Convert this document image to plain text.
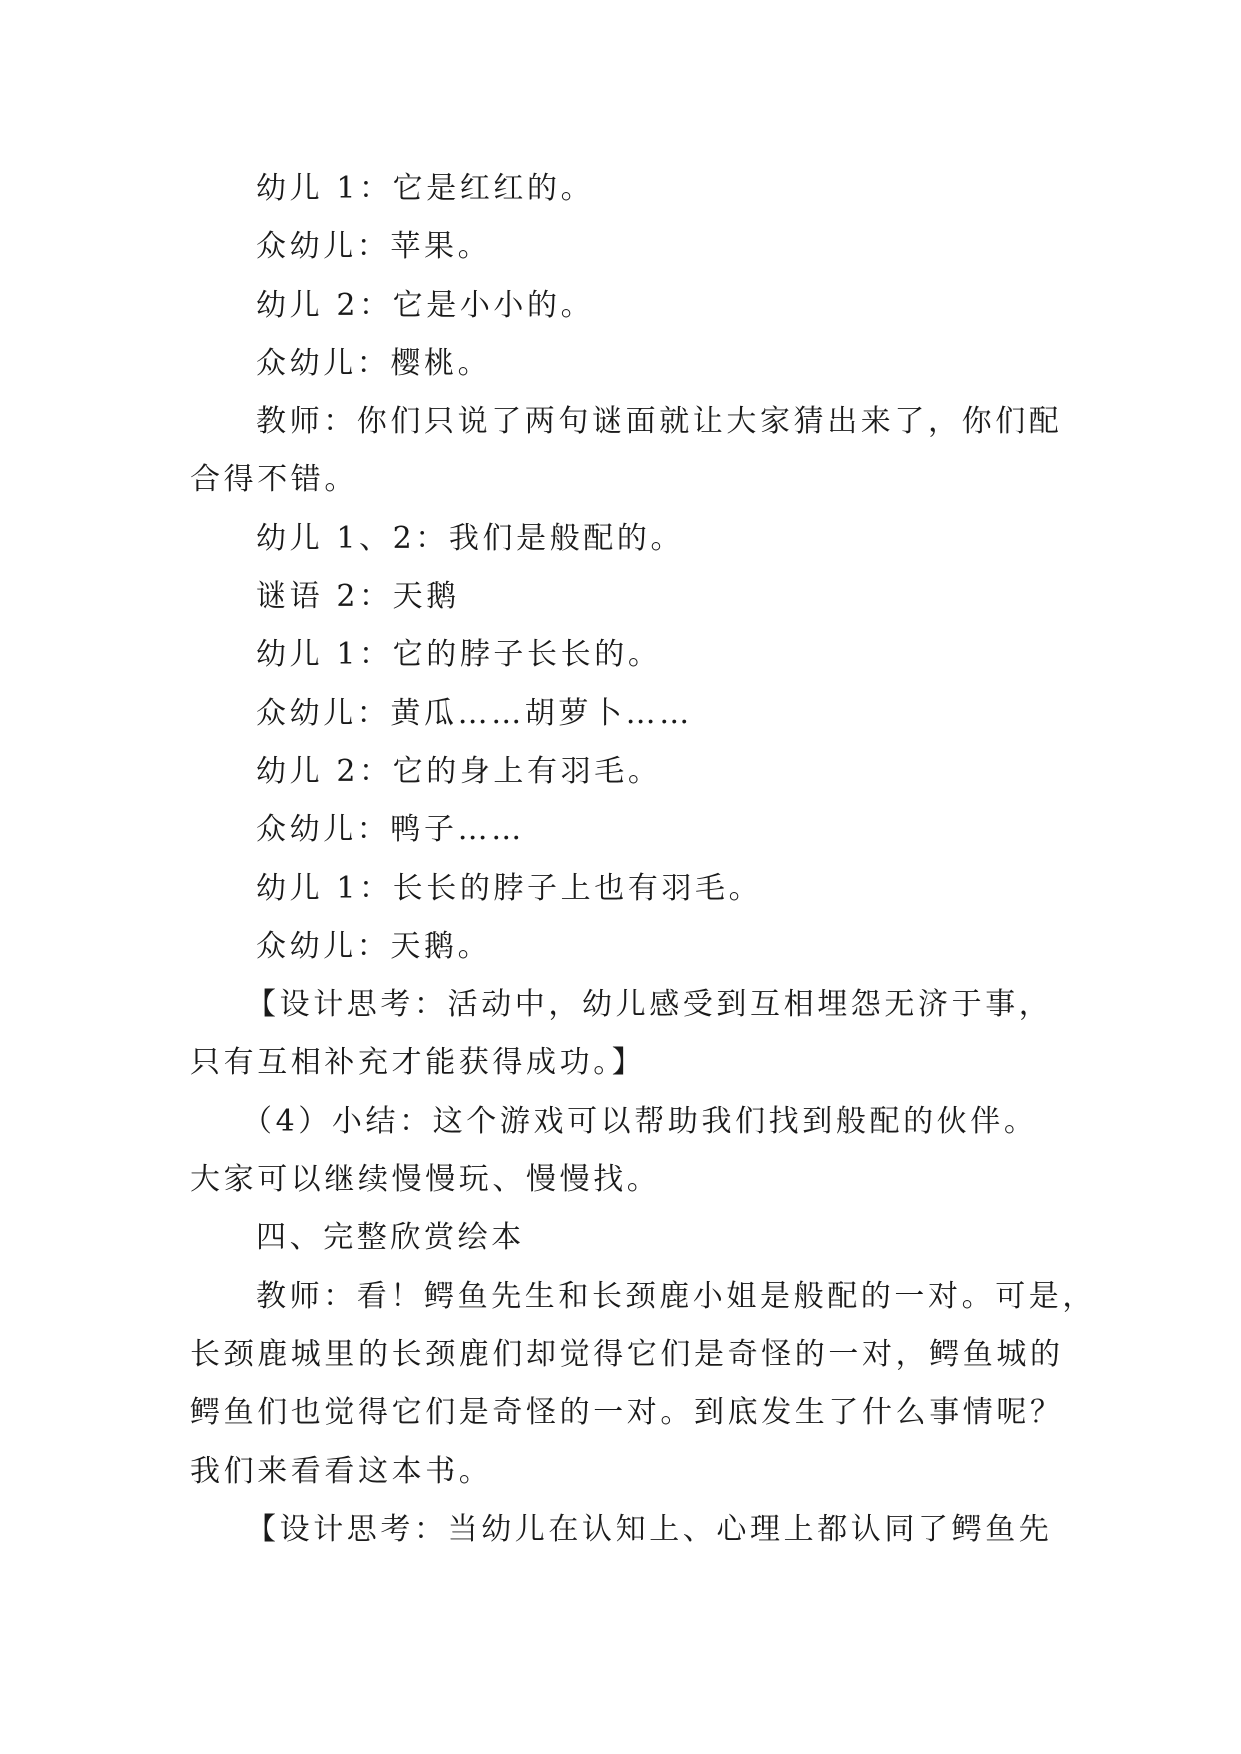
幼儿 1：它是红红的。
众幼儿：苹果。
幼儿 2：它是小小的。
众幼儿：樱桃。
教师：你们只说了两句谜面就让大家猜出来了，你们配
合得不错。
幼儿 1、2：我们是般配的。
谜语 2：天鹅
幼儿 1：它的脖子长长的。
众幼儿：黄瓜……胡萝卜……
幼儿 2：它的身上有羽毛。
众幼儿：鸭子……
幼儿 1：长长的脖子上也有羽毛。
众幼儿：天鹅。
【设计思考：活动中，幼儿感受到互相埋怨无济于事，
只有互相补充才能获得成功。】
（4）小结：这个游戏可以帮助我们找到般配的伙伴。
大家可以继续慢慢玩、慢慢找。
四、完整欣赏绘本
教师：看！鳄鱼先生和长颈鹿小姐是般配的一对。可是，
长颈鹿城里的长颈鹿们却觉得它们是奇怪的一对，鳄鱼城的
鳄鱼们也觉得它们是奇怪的一对。到底发生了什么事情呢？
我们来看看这本书。
【设计思考：当幼儿在认知上、心理上都认同了鳄鱼先
